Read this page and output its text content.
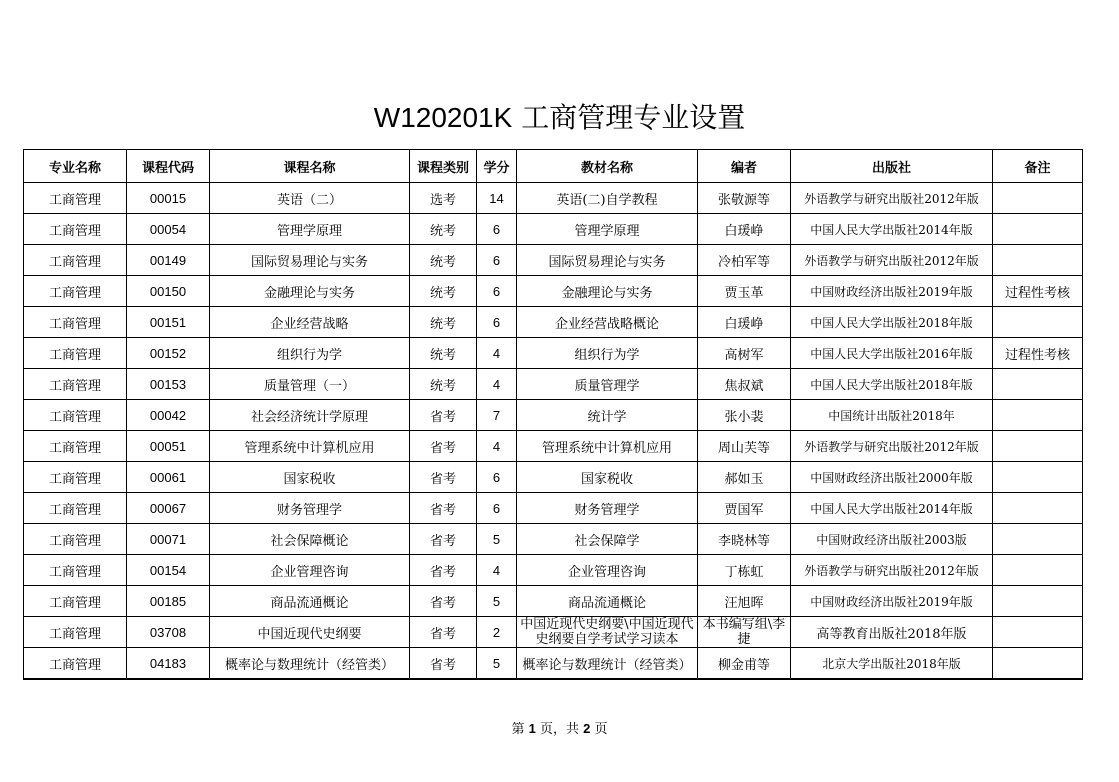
W120201K 工商管理专业设置
专业名称	课程代码	课程名称	课程类别	学分	教材名称	编者	出版社	备注
工商管理	00015	英语（二）	选考	14	英语(二)自学教程	张敬源等	外语教学与研究出版社2012年版	
工商管理	00054	管理学原理	统考	6	管理学原理	白瑗峥	中国人民大学出版社2014年版	
工商管理	00149	国际贸易理论与实务	统考	6	国际贸易理论与实务	冷柏军等	外语教学与研究出版社2012年版	
工商管理	00150	金融理论与实务	统考	6	金融理论与实务	贾玉革	中国财政经济出版社2019年版	过程性考核
工商管理	00151	企业经营战略	统考	6	企业经营战略概论	白瑗峥	中国人民大学出版社2018年版	
工商管理	00152	组织行为学	统考	4	组织行为学	高树军	中国人民大学出版社2016年版	过程性考核
工商管理	00153	质量管理（一）	统考	4	质量管理学	焦叔斌	中国人民大学出版社2018年版	
工商管理	00042	社会经济统计学原理	省考	7	统计学	张小裴	中国统计出版社2018年	
工商管理	00051	管理系统中计算机应用	省考	4	管理系统中计算机应用	周山芙等	外语教学与研究出版社2012年版	
工商管理	00061	国家税收	省考	6	国家税收	郝如玉	中国财政经济出版社2000年版	
工商管理	00067	财务管理学	省考	6	财务管理学	贾国军	中国人民大学出版社2014年版	
工商管理	00071	社会保障概论	省考	5	社会保障学	李晓林等	中国财政经济出版社2003版	
工商管理	00154	企业管理咨询	省考	4	企业管理咨询	丁栋虹	外语教学与研究出版社2012年版	
工商管理	00185	商品流通概论	省考	5	商品流通概论	汪旭晖	中国财政经济出版社2019年版	
工商管理	03708	中国近现代史纲要	省考	2	中国近现代史纲要\中国近现代史纲要自学考试学习读本	本书编写组\李捷	高等教育出版社2018年版	
工商管理	04183	概率论与数理统计（经管类）	省考	5	概率论与数理统计（经管类）	柳金甫等	北京大学出版社2018年版	
第 1 页，共 2 页
